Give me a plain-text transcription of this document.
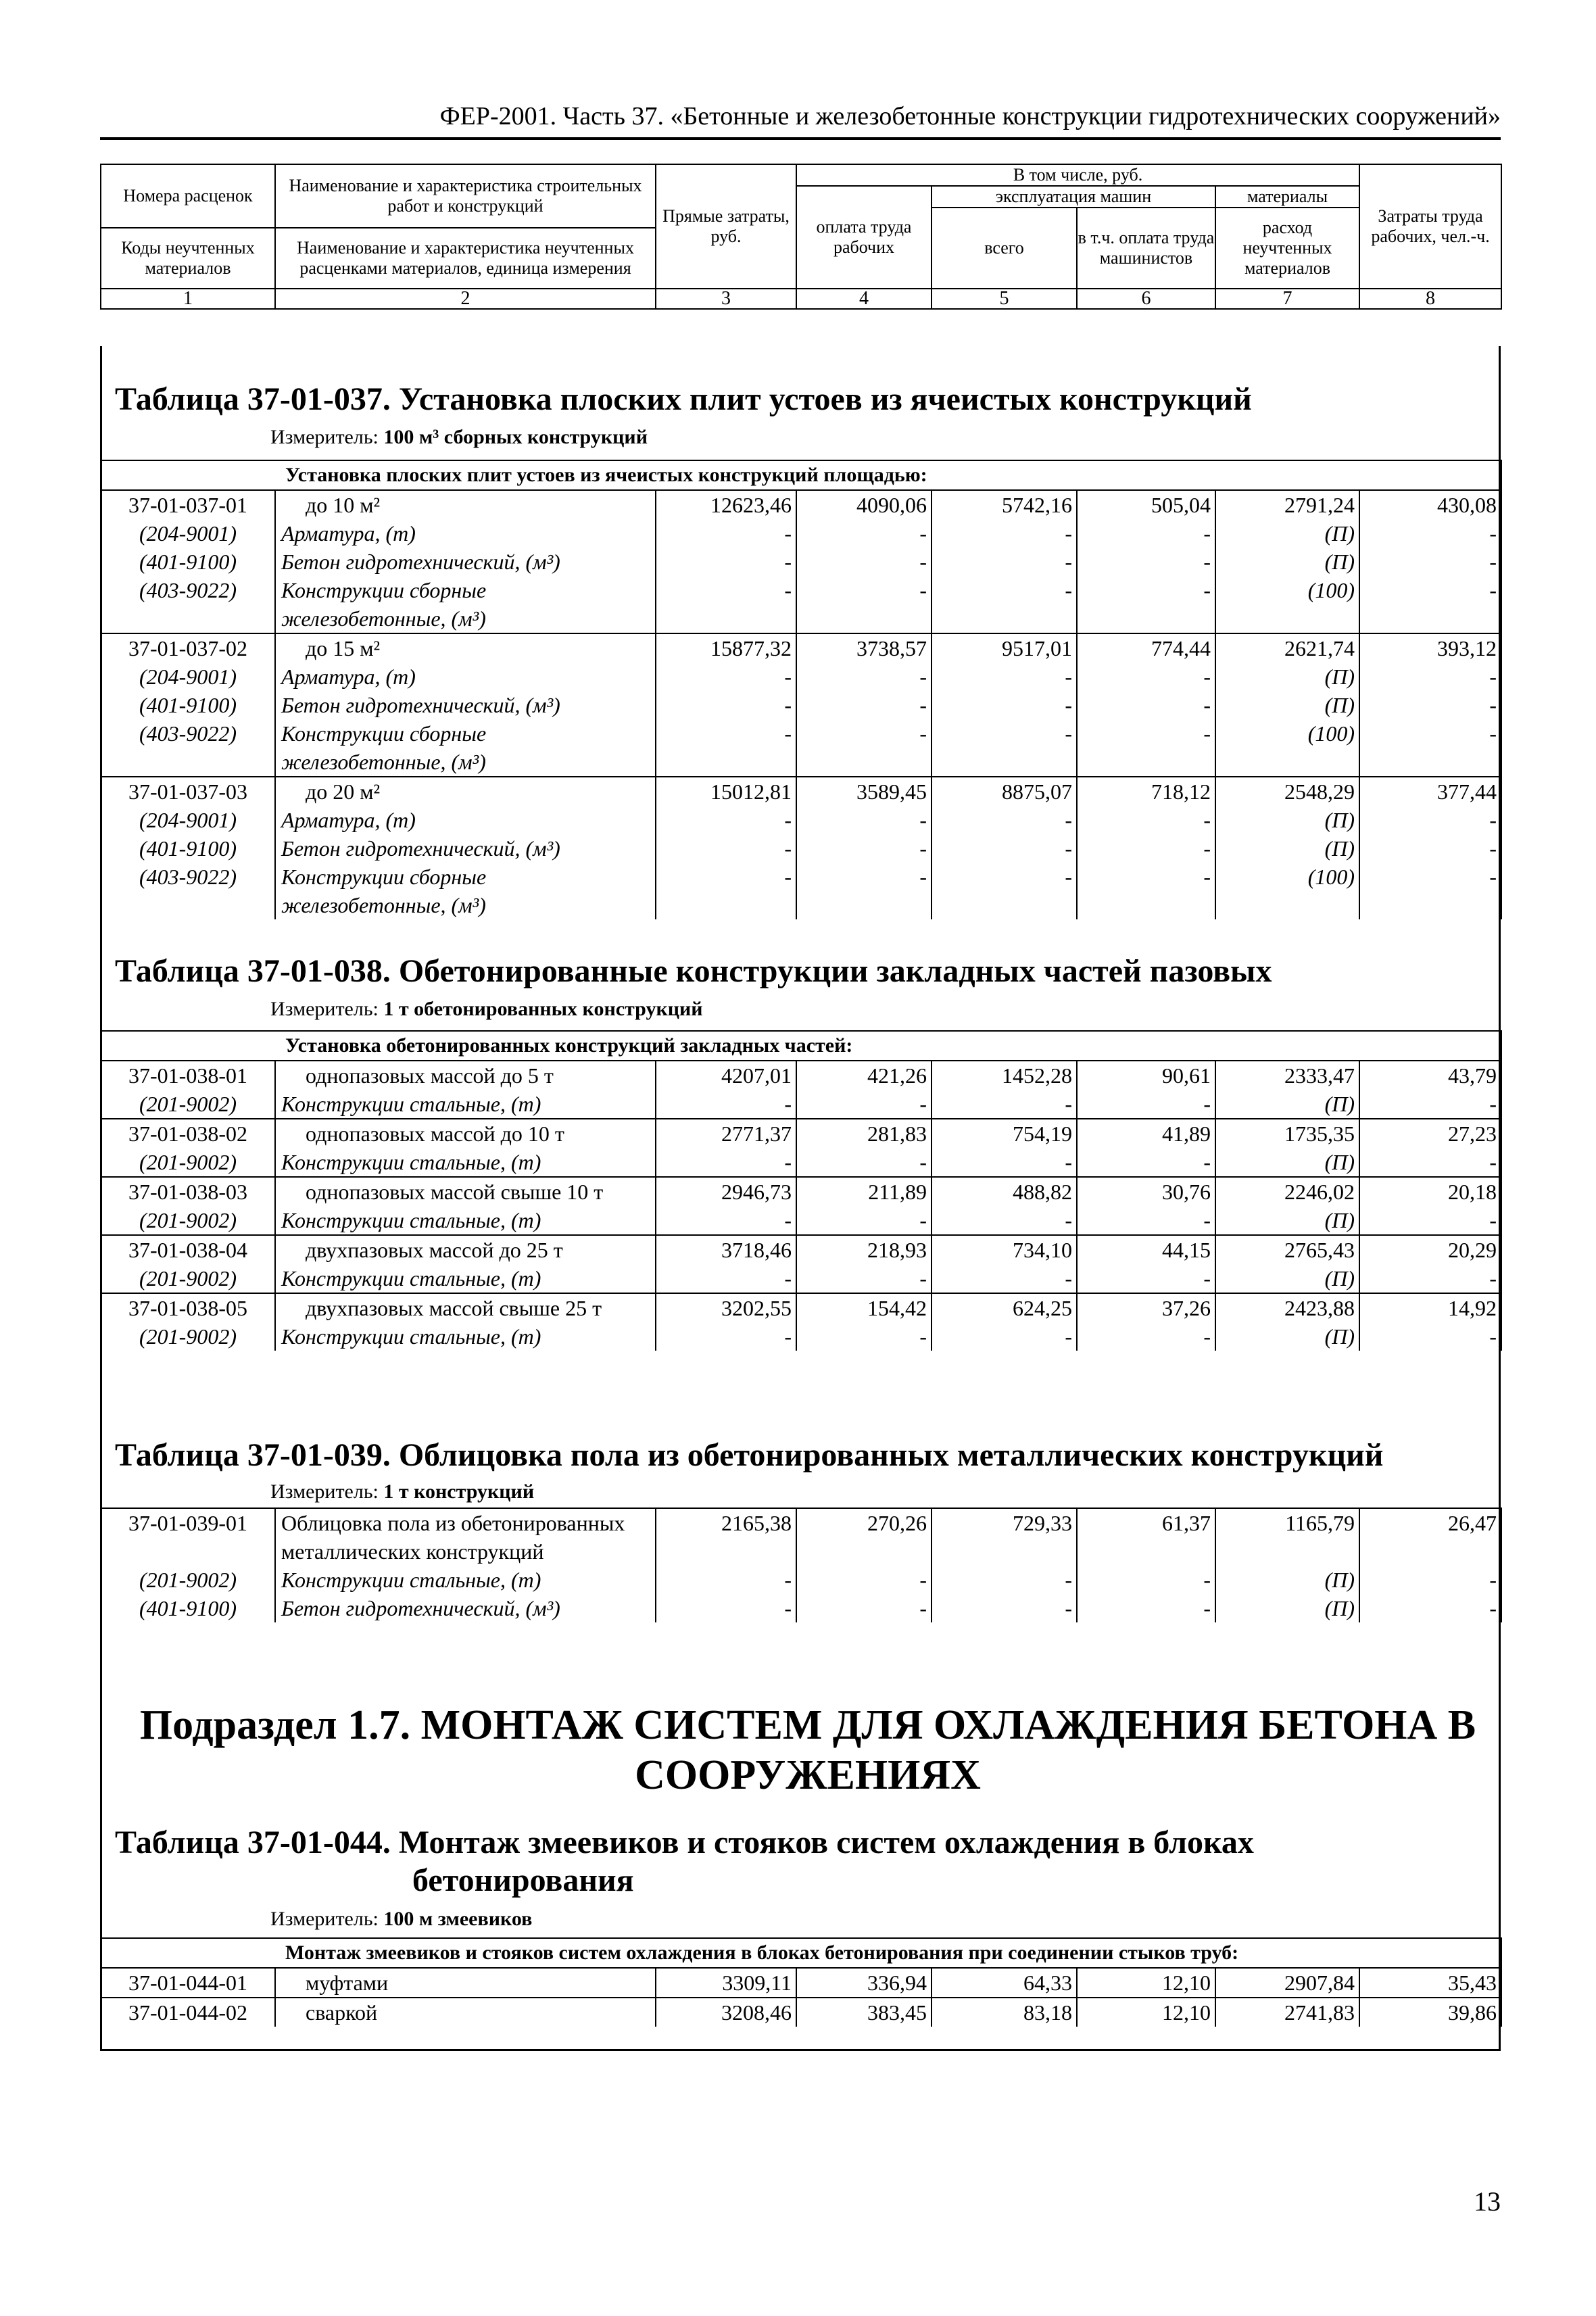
ФЕР-2001. Часть 37. «Бетонные и железобетонные конструкции гидротехнических сооружений»
Номера расценок	Наименование и характеристика строительных работ и конструкций	Прямые затраты, руб.	В том числе, руб.				Затраты труда рабочих, чел.-ч.
			оплата труда рабочих	эксплуатация машин		материалы	
				всего	в т.ч. оплата труда машинистов	расход неучтенных материалов	
Коды неучтенных материалов	Наименование и характеристика неучтенных расценками материалов, единица измерения						

1	2	3	4	5	6	7	8
Таблица 37-01-037. Установка плоских плит устоев из ячеистых конструкций
Измеритель: 100 м³ сборных конструкций
Установка плоских плит устоев из ячеистых конструкций площадью:							
37-01-037-01	до 10 м²	12623,46	4090,06	5742,16	505,04	2791,24	430,08
(204-9001)	Арматура, (т)	-	-	-	-	(П)	-
(401-9100)	Бетон гидротехнический, (м³)	-	-	-	-	(П)	-
(403-9022)	Конструкции сборные железобетонные, (м³)	-	-	-	-	(100)	-
37-01-037-02	до 15 м²	15877,32	3738,57	9517,01	774,44	2621,74	393,12
(204-9001)	Арматура, (т)	-	-	-	-	(П)	-
(401-9100)	Бетон гидротехнический, (м³)	-	-	-	-	(П)	-
(403-9022)	Конструкции сборные железобетонные, (м³)	-	-	-	-	(100)	-
37-01-037-03	до 20 м²	15012,81	3589,45	8875,07	718,12	2548,29	377,44
(204-9001)	Арматура, (т)	-	-	-	-	(П)	-
(401-9100)	Бетон гидротехнический, (м³)	-	-	-	-	(П)	-
(403-9022)	Конструкции сборные железобетонные, (м³)	-	-	-	-	(100)	-
Таблица 37-01-038. Обетонированные конструкции закладных частей пазовых
Измеритель: 1 т обетонированных конструкций
Установка обетонированных конструкций закладных частей:							
37-01-038-01	однопазовых массой до 5 т	4207,01	421,26	1452,28	90,61	2333,47	43,79
(201-9002)	Конструкции стальные, (т)	-	-	-	-	(П)	-
37-01-038-02	однопазовых массой до 10 т	2771,37	281,83	754,19	41,89	1735,35	27,23
(201-9002)	Конструкции стальные, (т)	-	-	-	-	(П)	-
37-01-038-03	однопазовых массой свыше 10 т	2946,73	211,89	488,82	30,76	2246,02	20,18
(201-9002)	Конструкции стальные, (т)	-	-	-	-	(П)	-
37-01-038-04	двухпазовых массой до 25 т	3718,46	218,93	734,10	44,15	2765,43	20,29
(201-9002)	Конструкции стальные, (т)	-	-	-	-	(П)	-
37-01-038-05	двухпазовых массой свыше 25 т	3202,55	154,42	624,25	37,26	2423,88	14,92
(201-9002)	Конструкции стальные, (т)	-	-	-	-	(П)	-
Таблица 37-01-039. Облицовка пола из обетонированных металлических конструкций
Измеритель: 1 т конструкций
37-01-039-01	Облицовка пола из обетонированных металлических конструкций	2165,38	270,26	729,33	61,37	1165,79	26,47
(201-9002)	Конструкции стальные, (т)	-	-	-	-	(П)	-
(401-9100)	Бетон гидротехнический, (м³)	-	-	-	-	(П)	-
Подраздел 1.7. МОНТАЖ СИСТЕМ ДЛЯ ОХЛАЖДЕНИЯ БЕТОНА В
СООРУЖЕНИЯХ
Таблица 37-01-044. Монтаж змеевиков и стояков систем охлаждения в блоках
бетонирования
Измеритель: 100 м змеевиков
Монтаж змеевиков и стояков систем охлаждения в блоках бетонирования при соединении стыков труб:							
37-01-044-01	муфтами	3309,11	336,94	64,33	12,10	2907,84	35,43
37-01-044-02	сваркой	3208,46	383,45	83,18	12,10	2741,83	39,86
13
